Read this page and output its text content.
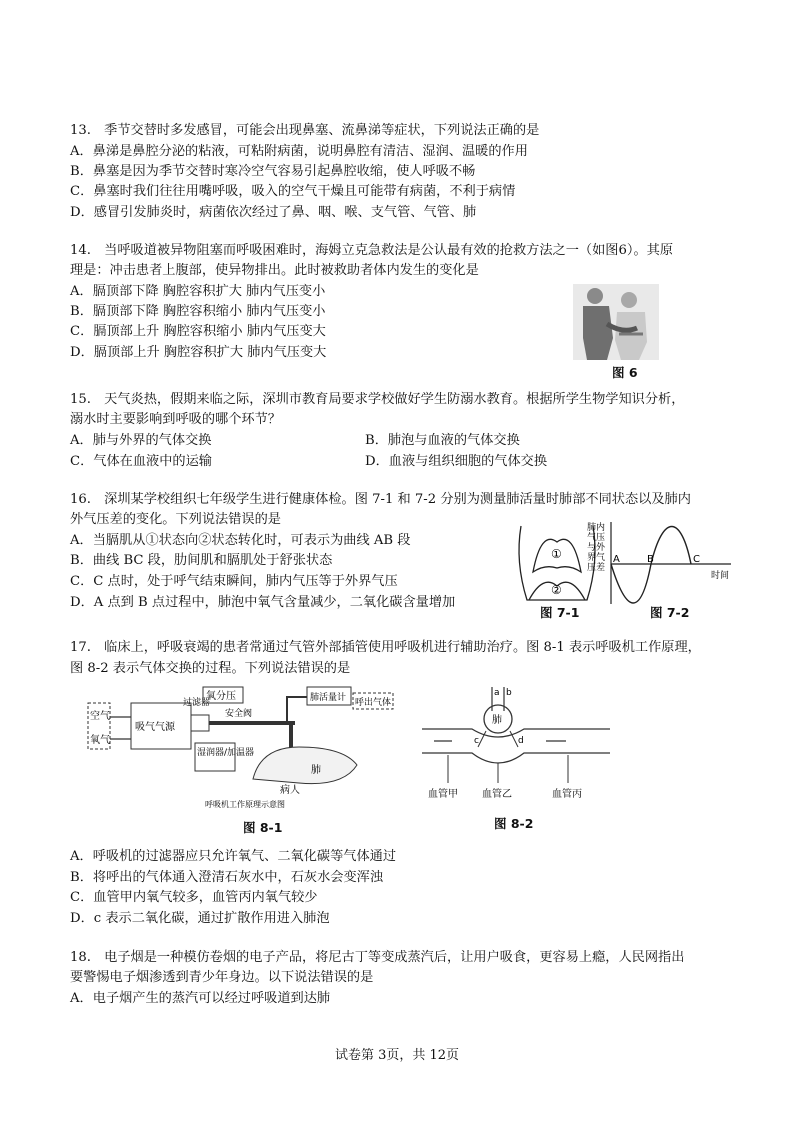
13.　季节交替时多发感冒，可能会出现鼻塞、流鼻涕等症状，下列说法正确的是
A．鼻涕是鼻腔分泌的粘液，可粘附病菌，说明鼻腔有清洁、湿润、温暖的作用
B．鼻塞是因为季节交替时寒冷空气容易引起鼻腔收缩，使人呼吸不畅
C．鼻塞时我们往往用嘴呼吸，吸入的空气干燥且可能带有病菌，不利于病情
D．感冒引发肺炎时，病菌依次经过了鼻、咽、喉、支气管、气管、肺
14.　当呼吸道被异物阻塞而呼吸困难时，海姆立克急救法是公认最有效的抢救方法之一（如图6）。其原
理是：冲击患者上腹部，使异物排出。此时被救助者体内发生的变化是
A．膈顶部下降 胸腔容积扩大 肺内气压变小
B．膈顶部下降 胸腔容积缩小 肺内气压变小
C．膈顶部上升 胸腔容积缩小 肺内气压变大
D．膈顶部上升 胸腔容积扩大 肺内气压变大
图 6
15.　天气炎热，假期来临之际，深圳市教育局要求学校做好学生防溺水教育。根据所学生物学知识分析，
溺水时主要影响到呼吸的哪个环节？
A．肺与外界的气体交换	B．肺泡与血液的气体交换
C．气体在血液中的运输	D．血液与组织细胞的气体交换
16.　深圳某学校组织七年级学生进行健康体检。图 7-1 和 7-2 分别为测量肺活量时肺部不同状态以及肺内
外气压差的变化。下列说法错误的是
A．当膈肌从①状态向②状态转化时，可表示为曲线 AB 段
B．曲线 BC 段，肋间肌和膈肌处于舒张状态
C．C 点时，处于呼气结束瞬间，肺内气压等于外界气压
D．A 点到 B 点过程中，肺泡中氧气含量减少，二氧化碳含量增加
①
②
图 7-1
肺内
气压
与外
界气
压差
A	B	C
时间
图 7-2
17.　临床上，呼吸衰竭的患者常通过气管外部插管使用呼吸机进行辅助治疗。图 8-1 表示呼吸机工作原理，
图 8-2 表示气体交换的过程。下列说法错误的是
空气
氧气
吸气气源
过滤器
氧分压
安全阀
湿润器/加温器
肺活量计 呼出气体
肺
病人
呼吸机工作原理示意图
图 8-1
a b
肺
c	d
血管甲 血管乙	血管丙
图 8-2
A．呼吸机的过滤器应只允许氧气、二氧化碳等气体通过
B．将呼出的气体通入澄清石灰水中，石灰水会变浑浊
C．血管甲内氧气较多，血管丙内氧气较少
D．c 表示二氧化碳，通过扩散作用进入肺泡
18.　电子烟是一种模仿卷烟的电子产品，将尼古丁等变成蒸汽后，让用户吸食，更容易上瘾，人民网指出
要警惕电子烟渗透到青少年身边。以下说法错误的是
A．电子烟产生的蒸汽可以经过呼吸道到达肺
试卷第 3页，共 12页
